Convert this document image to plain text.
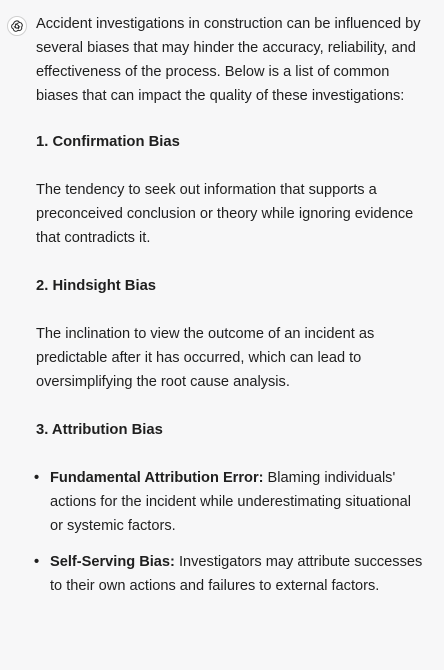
Accident investigations in construction can be influenced by several biases that may hinder the accuracy, reliability, and effectiveness of the process. Below is a list of common biases that can impact the quality of these investigations:

1. Confirmation Bias

The tendency to seek out information that supports a preconceived conclusion or theory while ignoring evidence that contradicts it.

2. Hindsight Bias

The inclination to view the outcome of an incident as predictable after it has occurred, which can lead to oversimplifying the root cause analysis.

3. Attribution Bias
• Fundamental Attribution Error: Blaming individuals' actions for the incident while underestimating situational or systemic factors.
• Self-Serving Bias: Investigators may attribute successes to their own actions and failures to external factors.
